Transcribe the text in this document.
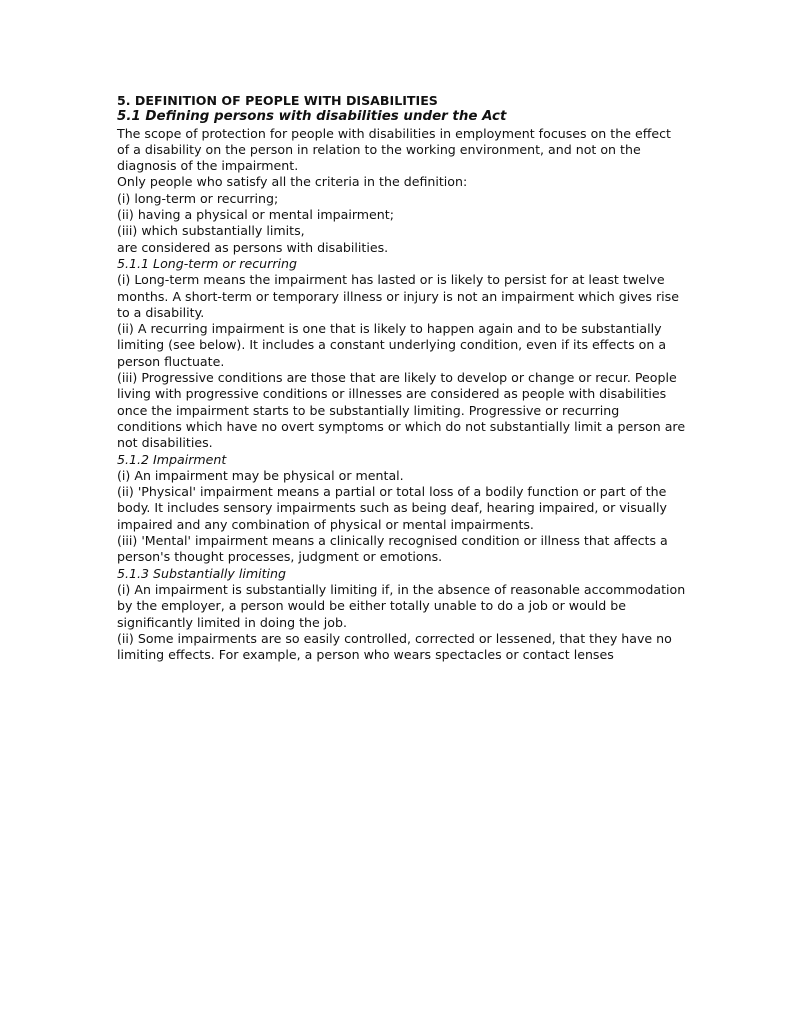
5. DEFINITION OF PEOPLE WITH DISABILITIES

5.1 Defining persons with disabilities under the Act

The scope of protection for people with disabilities in employment focuses on the effect of a disability on the person in relation to the working environment, and not on the diagnosis of the impairment.

Only people who satisfy all the criteria in the definition:

(i) long-term or recurring;
(ii) having a physical or mental impairment;
(iii) which substantially limits,

are considered as persons with disabilities.

5.1.1 Long-term or recurring

(i) Long-term means the impairment has lasted or is likely to persist for at least twelve months. A short-term or temporary illness or injury is not an impairment which gives rise to a disability.

(ii) A recurring impairment is one that is likely to happen again and to be substantially limiting (see below). It includes a constant underlying condition, even if its effects on a person fluctuate.

(iii) Progressive conditions are those that are likely to develop or change or recur. People living with progressive conditions or illnesses are considered as people with disabilities once the impairment starts to be substantially limiting. Progressive or recurring conditions which have no overt symptoms or which do not substantially limit a person are not disabilities.

5.1.2 Impairment

(i) An impairment may be physical or mental.

(ii) 'Physical' impairment means a partial or total loss of a bodily function or part of the body. It includes sensory impairments such as being deaf, hearing impaired, or visually impaired and any combination of physical or mental impairments.

(iii) 'Mental' impairment means a clinically recognised condition or illness that affects a person's thought processes, judgment or emotions.

5.1.3 Substantially limiting

(i) An impairment is substantially limiting if, in the absence of reasonable accommodation by the employer, a person would be either totally unable to do a job or would be significantly limited in doing the job.

(ii) Some impairments are so easily controlled, corrected or lessened, that they have no limiting effects. For example, a person who wears spectacles or contact lenses
